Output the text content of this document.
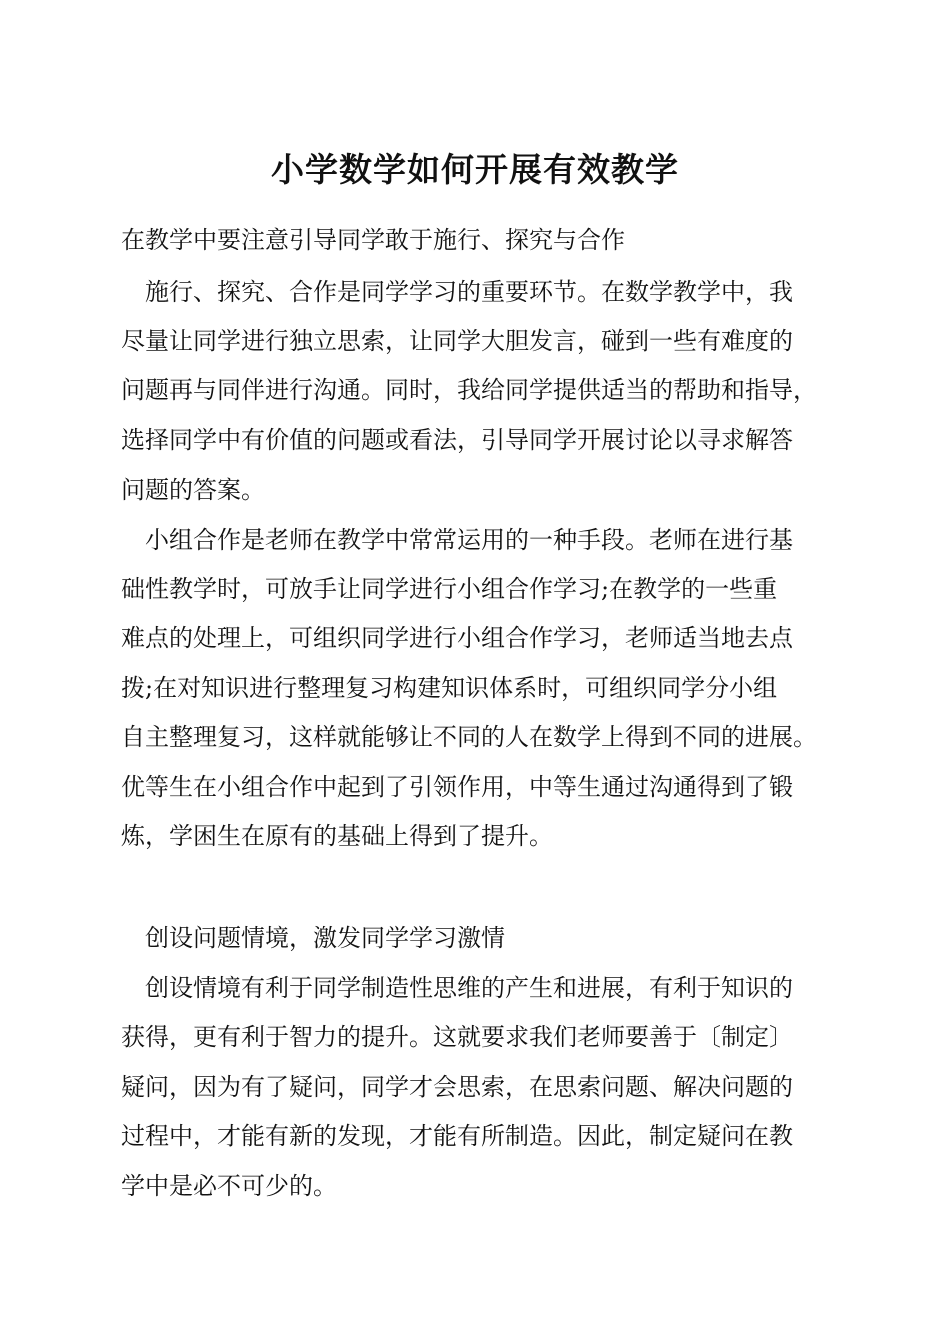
小学数学如何开展有效教学

在教学中要注意引导同学敢于施行、探究与合作

施行、探究、合作是同学学习的重要环节。在数学教学中，我

尽量让同学进行独立思索，让同学大胆发言，碰到一些有难度的

问题再与同伴进行沟通。同时，我给同学提供适当的帮助和指导，

选择同学中有价值的问题或看法，引导同学开展讨论以寻求解答

问题的答案。

小组合作是老师在教学中常常运用的一种手段。老师在进行基

础性教学时，可放手让同学进行小组合作学习;在教学的一些重

难点的处理上，可组织同学进行小组合作学习，老师适当地去点

拨;在对知识进行整理复习构建知识体系时，可组织同学分小组

自主整理复习，这样就能够让不同的人在数学上得到不同的进展。

优等生在小组合作中起到了引领作用，中等生通过沟通得到了锻

炼，学困生在原有的基础上得到了提升。

创设问题情境，激发同学学习激情

创设情境有利于同学制造性思维的产生和进展，有利于知识的

获得，更有利于智力的提升。这就要求我们老师要善于〔制定〕

疑问，因为有了疑问，同学才会思索，在思索问题、解决问题的

过程中，才能有新的发现，才能有所制造。因此，制定疑问在教

学中是必不可少的。
